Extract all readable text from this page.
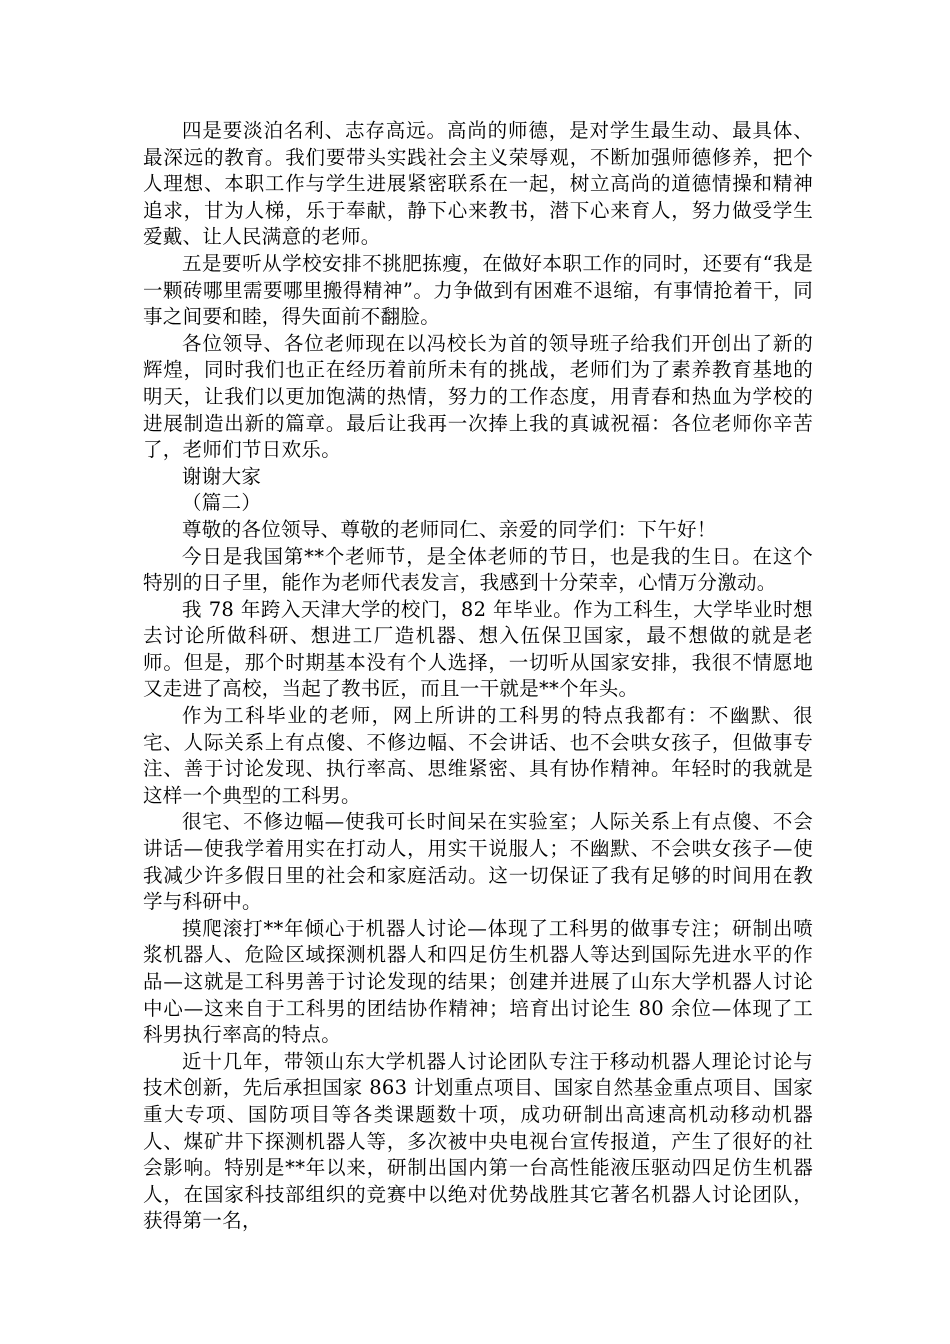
四是要淡泊名利、志存高远。高尚的师德，是对学生最生动、最具体、最深远的教育。我们要带头实践社会主义荣辱观，不断加强师德修养，把个人理想、本职工作与学生进展紧密联系在一起，树立高尚的道德情操和精神追求，甘为人梯，乐于奉献，静下心来教书，潜下心来育人，努力做受学生爱戴、让人民满意的老师。

五是要听从学校安排不挑肥拣瘦，在做好本职工作的同时，还要有“我是一颗砖哪里需要哪里搬得精神”。力争做到有困难不退缩，有事情抢着干，同事之间要和睦，得失面前不翻脸。

各位领导、各位老师现在以冯校长为首的领导班子给我们开创出了新的辉煌，同时我们也正在经历着前所未有的挑战，老师们为了素养教育基地的明天，让我们以更加饱满的热情，努力的工作态度，用青春和热血为学校的进展制造出新的篇章。最后让我再一次捧上我的真诚祝福：各位老师你辛苦了，老师们节日欢乐。

谢谢大家

（篇二）

尊敬的各位领导、尊敬的老师同仁、亲爱的同学们：下午好！

今日是我国第**个老师节，是全体老师的节日，也是我的生日。在这个特别的日子里，能作为老师代表发言，我感到十分荣幸，心情万分激动。

我 78 年跨入天津大学的校门，82 年毕业。作为工科生，大学毕业时想去讨论所做科研、想进工厂造机器、想入伍保卫国家，最不想做的就是老师。但是，那个时期基本没有个人选择，一切听从国家安排，我很不情愿地又走进了高校，当起了教书匠，而且一干就是**个年头。

作为工科毕业的老师，网上所讲的工科男的特点我都有：不幽默、很宅、人际关系上有点傻、不修边幅、不会讲话、也不会哄女孩子，但做事专注、善于讨论发现、执行率高、思维紧密、具有协作精神。年轻时的我就是这样一个典型的工科男。

很宅、不修边幅—使我可长时间呆在实验室；人际关系上有点傻、不会讲话—使我学着用实在打动人，用实干说服人；不幽默、不会哄女孩子—使我减少许多假日里的社会和家庭活动。这一切保证了我有足够的时间用在教学与科研中。

摸爬滚打**年倾心于机器人讨论—体现了工科男的做事专注；研制出喷浆机器人、危险区域探测机器人和四足仿生机器人等达到国际先进水平的作品—这就是工科男善于讨论发现的结果；创建并进展了山东大学机器人讨论中心—这来自于工科男的团结协作精神；培育出讨论生 80 余位—体现了工科男执行率高的特点。

近十几年，带领山东大学机器人讨论团队专注于移动机器人理论讨论与技术创新，先后承担国家 863 计划重点项目、国家自然基金重点项目、国家重大专项、国防项目等各类课题数十项，成功研制出高速高机动移动机器人、煤矿井下探测机器人等，多次被中央电视台宣传报道，产生了很好的社会影响。特别是**年以来，研制出国内第一台高性能液压驱动四足仿生机器人，在国家科技部组织的竞赛中以绝对优势战胜其它著名机器人讨论团队，获得第一名，
